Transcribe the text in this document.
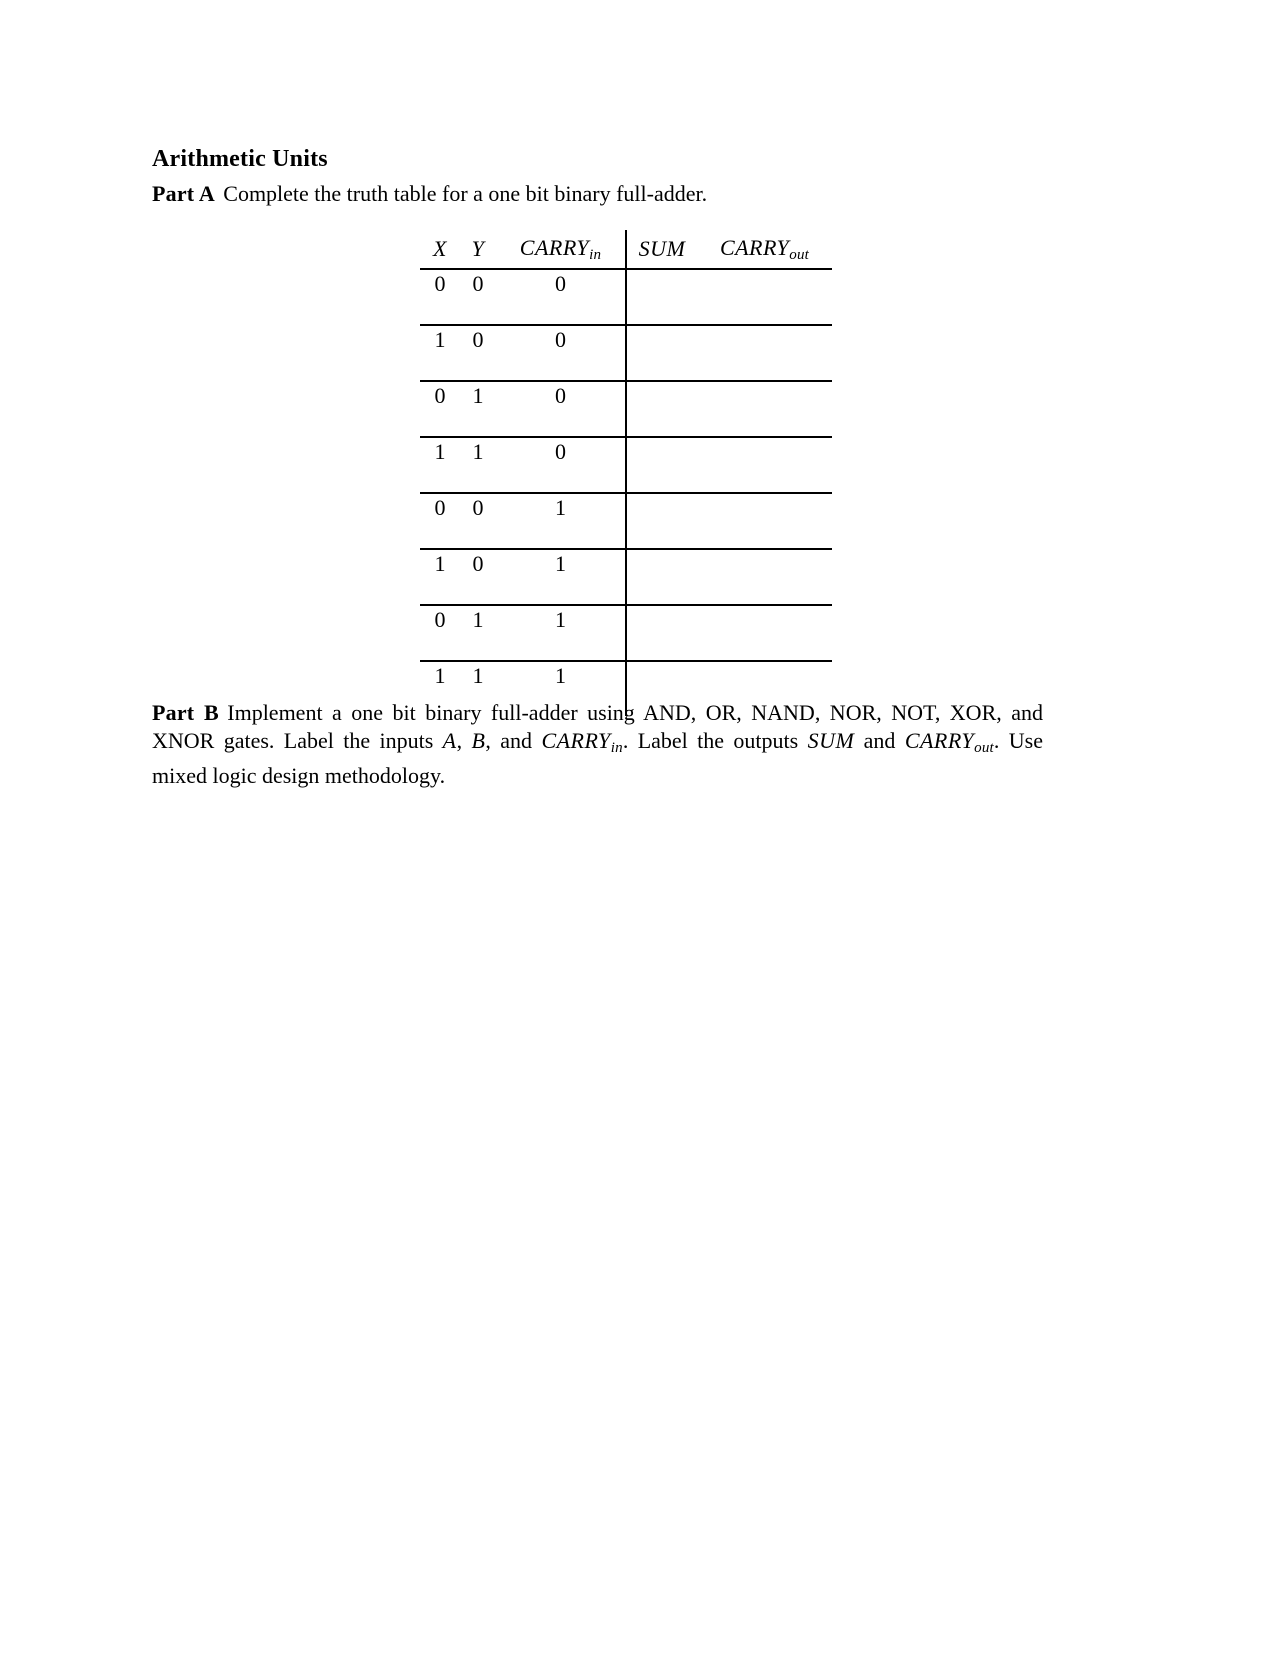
Arithmetic Units
Part A Complete the truth table for a one bit binary full-adder.
X	Y	$CARRY_{in}$	SUM	$CARRY_{out}$
0	0	0		
1	0	0		
0	1	0		
1	1	0		
0	0	1		
1	0	1		
0	1	1		
1	1	1		
Part B Implement a one bit binary full-adder using AND, OR, NAND, NOR, NOT, XOR, and XNOR gates. Label the inputs A, B, and $CARRY_{in}$. Label the outputs SUM and $CARRY_{out}$. Use mixed logic design methodology.
